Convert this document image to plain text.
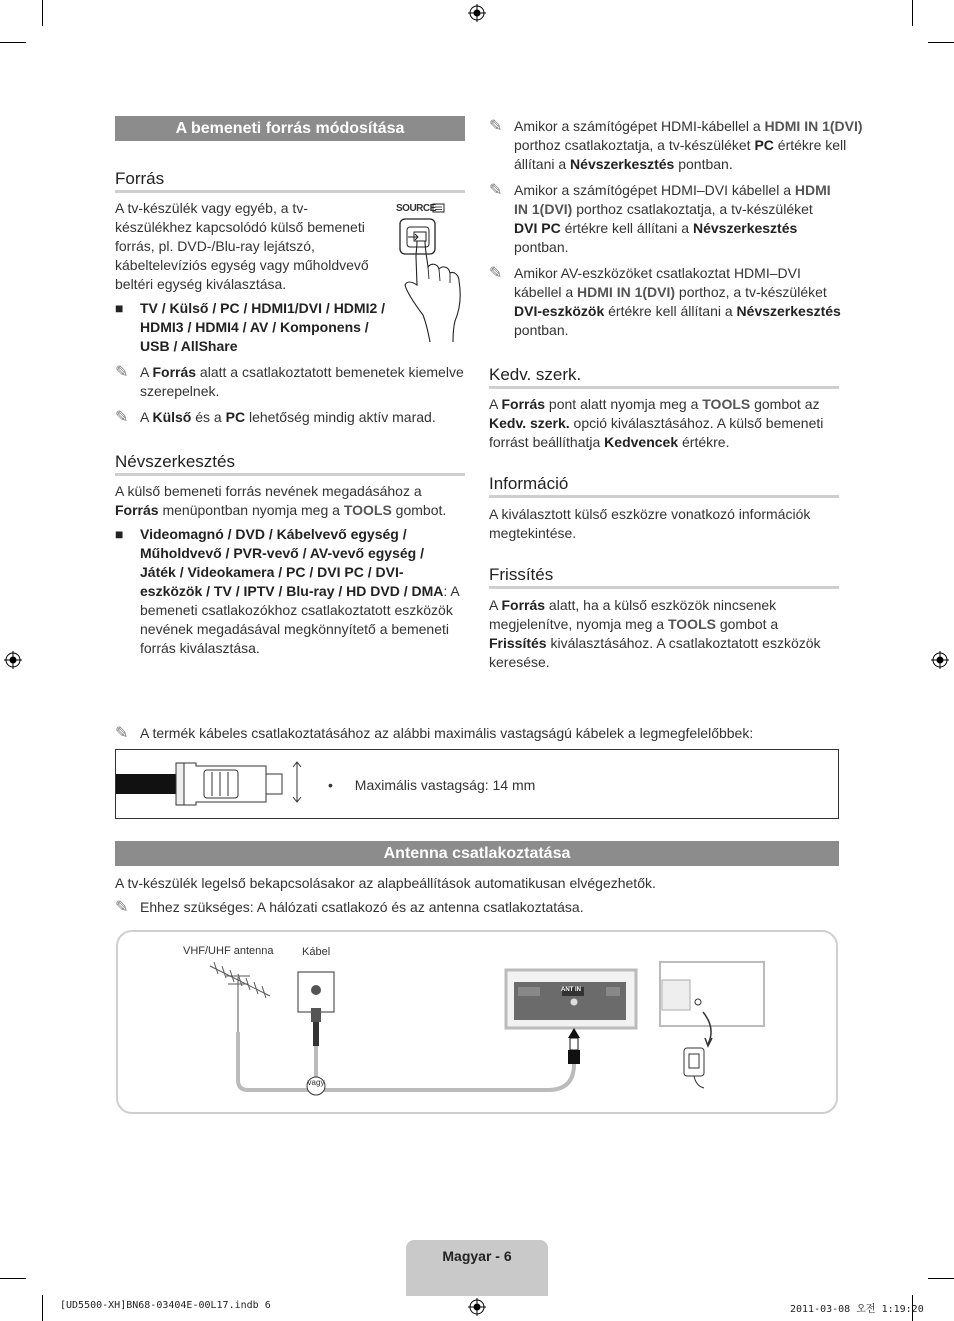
A bemeneti forrás módosítása
Forrás
A tv-készülék vagy egyéb, a tv-készülékhez kapcsolódó külső bemeneti forrás, pl. DVD-/Blu-ray lejátszó, kábeltelevíziós egység vagy műholdvevő beltéri egység kiválasztása.
SOURCE
■ TV / Külső / PC / HDMI1/DVI / HDMI2 / HDMI3 / HDMI4 / AV / Komponens / USB / AllShare
✎ A Forrás alatt a csatlakoztatott bemenetek kiemelve szerepelnek.
✎ A Külső és a PC lehetőség mindig aktív marad.
Névszerkesztés
A külső bemeneti forrás nevének megadásához a Forrás menüpontban nyomja meg a TOOLS gombot.
■ Videomagnó / DVD / Kábelvevő egység / Műholdvevő / PVR-vevő / AV-vevő egység / Játék / Videokamera / PC / DVI PC / DVI-eszközök / TV / IPTV / Blu-ray / HD DVD / DMA: A bemeneti csatlakozókhoz csatlakoztatott eszközök nevének megadásával megkönnyítető a bemeneti forrás kiválasztása.
✎ Amikor a számítógépet HDMI-kábellel a HDMI IN 1(DVI) porthoz csatlakoztatja, a tv-készüléket PC értékre kell állítani a Névszerkesztés pontban.
✎ Amikor a számítógépet HDMI–DVI kábellel a HDMI IN 1(DVI) porthoz csatlakoztatja, a tv-készüléket DVI PC értékre kell állítani a Névszerkesztés pontban.
✎ Amikor AV-eszközöket csatlakoztat HDMI–DVI kábellel a HDMI IN 1(DVI) porthoz, a tv-készüléket DVI-eszközök értékre kell állítani a Névszerkesztés pontban.
Kedv. szerk.
A Forrás pont alatt nyomja meg a TOOLS gombot az Kedv. szerk. opció kiválasztásához. A külső bemeneti forrást beállíthatja Kedvencek értékre.
Információ
A kiválasztott külső eszközre vonatkozó információk megtekintése.
Frissítés
A Forrás alatt, ha a külső eszközök nincsenek megjelenítve, nyomja meg a TOOLS gombot a Frissítés kiválasztásához. A csatlakoztatott eszközök keresése.
✎ A termék kábeles csatlakoztatásához az alábbi maximális vastagságú kábelek a legmegfelelőbbek:
• Maximális vastagság: 14 mm
Antenna csatlakoztatása
A tv-készülék legelső bekapcsolásakor az alapbeállítások automatikusan elvégezhetők.
✎ Ehhez szükséges: A hálózati csatlakozó és az antenna csatlakoztatása.
VHF/UHF antenna	Kábel
vagy
ANT IN
Magyar - 6
[UD5500-XH]BN68-03404E-00L17.indb 6	2011-03-08 오전 1:19:20
